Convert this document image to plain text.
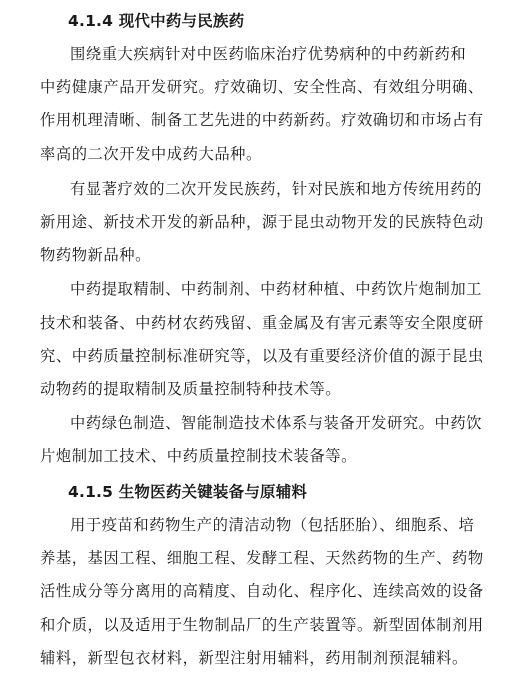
4.1.4 现代中药与民族药
围绕重大疾病针对中医药临床治疗优势病种的中药新药和
中药健康产品开发研究。疗效确切、安全性高、有效组分明确、
作用机理清晰、制备工艺先进的中药新药。疗效确切和市场占有
率高的二次开发中成药大品种。
有显著疗效的二次开发民族药，针对民族和地方传统用药的
新用途、新技术开发的新品种，源于昆虫动物开发的民族特色动
物药物新品种。
中药提取精制、中药制剂、中药材种植、中药饮片炮制加工
技术和装备、中药材农药残留、重金属及有害元素等安全限度研
究、中药质量控制标准研究等，以及有重要经济价值的源于昆虫
动物药的提取精制及质量控制特种技术等。
中药绿色制造、智能制造技术体系与装备开发研究。中药饮
片炮制加工技术、中药质量控制技术装备等。
4.1.5 生物医药关键装备与原辅料
用于疫苗和药物生产的清洁动物（包括胚胎）、细胞系、培
养基，基因工程、细胞工程、发酵工程、天然药物的生产、药物
活性成分等分离用的高精度、自动化、程序化、连续高效的设备
和介质，以及适用于生物制品厂的生产装置等。新型固体制剂用
辅料，新型包衣材料，新型注射用辅料，药用制剂预混辅料。
